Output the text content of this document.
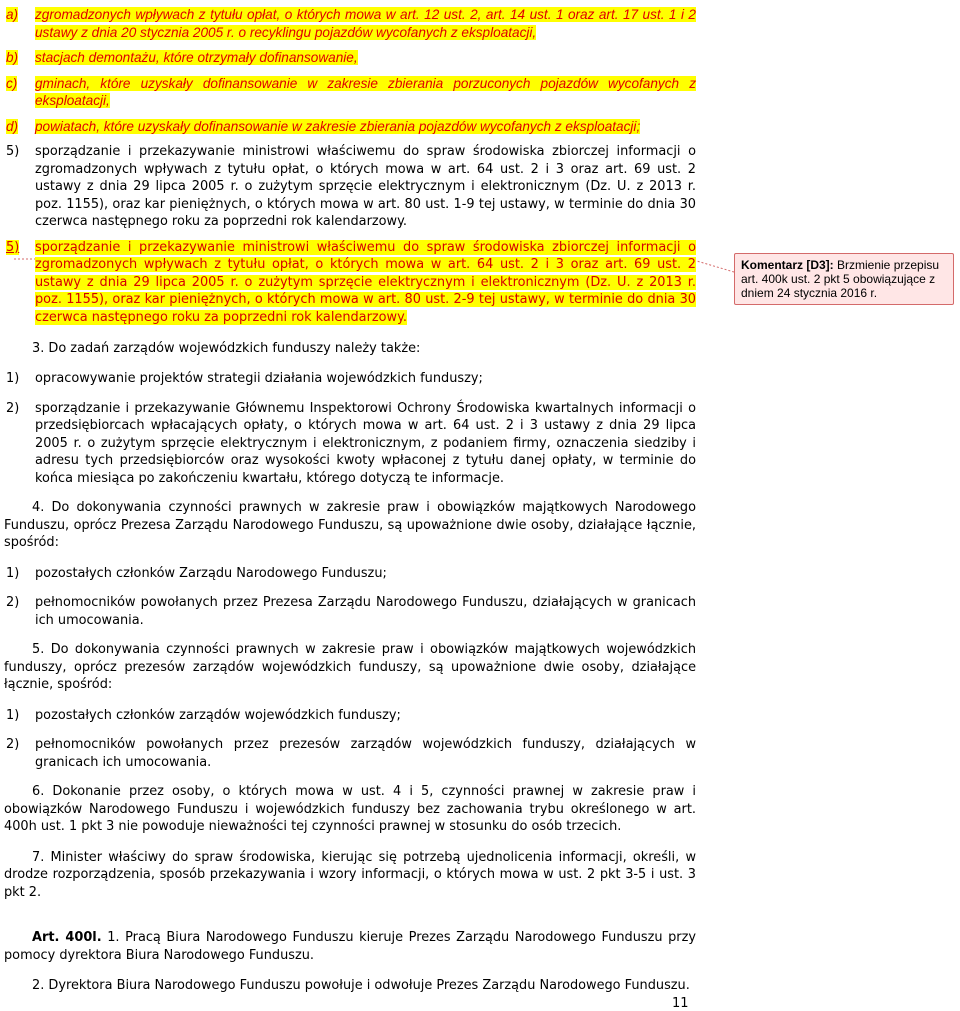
a)	zgromadzonych wpływach z tytułu opłat, o których mowa w art. 12 ust. 2, art. 14 ust. 1 oraz art. 17 ust. 1 i 2 ustawy z dnia 20 stycznia 2005 r. o recyklingu pojazdów wycofanych z eksploatacji,
b)	stacjach demontażu, które otrzymały dofinansowanie,
c)	gminach, które uzyskały dofinansowanie w zakresie zbierania porzuconych pojazdów wycofanych z eksploatacji,
d)	powiatach, które uzyskały dofinansowanie w zakresie zbierania pojazdów wycofanych z eksploatacji;
5)	sporządzanie i przekazywanie ministrowi właściwemu do spraw środowiska zbiorczej informacji o zgromadzonych wpływach z tytułu opłat, o których mowa w art. 64 ust. 2 i 3 oraz art. 69 ust. 2 ustawy z dnia 29 lipca 2005 r. o zużytym sprzęcie elektrycznym i elektronicznym (Dz. U. z 2013 r. poz. 1155), oraz kar pieniężnych, o których mowa w art. 80 ust. 1-9 tej ustawy, w terminie do dnia 30 czerwca następnego roku za poprzedni rok kalendarzowy.
5)	sporządzanie i przekazywanie ministrowi właściwemu do spraw środowiska zbiorczej informacji o zgromadzonych wpływach z tytułu opłat, o których mowa w art. 64 ust. 2 i 3 oraz art. 69 ust. 2 ustawy z dnia 29 lipca 2005 r. o zużytym sprzęcie elektrycznym i elektronicznym (Dz. U. z 2013 r. poz. 1155), oraz kar pieniężnych, o których mowa w art. 80 ust. 2-9 tej ustawy, w terminie do dnia 30 czerwca następnego roku za poprzedni rok kalendarzowy.

3. Do zadań zarządów wojewódzkich funduszy należy także:

1)	opracowywanie projektów strategii działania wojewódzkich funduszy;
2)	sporządzanie i przekazywanie Głównemu Inspektorowi Ochrony Środowiska kwartalnych informacji o przedsiębiorcach wpłacających opłaty, o których mowa w art. 64 ust. 2 i 3 ustawy z dnia 29 lipca 2005 r. o zużytym sprzęcie elektrycznym i elektronicznym, z podaniem firmy, oznaczenia siedziby i adresu tych przedsiębiorców oraz wysokości kwoty wpłaconej z tytułu danej opłaty, w terminie do końca miesiąca po zakończeniu kwartału, którego dotyczą te informacje.

4. Do dokonywania czynności prawnych w zakresie praw i obowiązków majątkowych Narodowego Funduszu, oprócz Prezesa Zarządu Narodowego Funduszu, są upoważnione dwie osoby, działające łącznie, spośród:

1)	pozostałych członków Zarządu Narodowego Funduszu;
2)	pełnomocników powołanych przez Prezesa Zarządu Narodowego Funduszu, działających w granicach ich umocowania.

5. Do dokonywania czynności prawnych w zakresie praw i obowiązków majątkowych wojewódzkich funduszy, oprócz prezesów zarządów wojewódzkich funduszy, są upoważnione dwie osoby, działające łącznie, spośród:

1)	pozostałych członków zarządów wojewódzkich funduszy;
2)	pełnomocników powołanych przez prezesów zarządów wojewódzkich funduszy, działających w granicach ich umocowania.

6. Dokonanie przez osoby, o których mowa w ust. 4 i 5, czynności prawnej w zakresie praw i obowiązków Narodowego Funduszu i wojewódzkich funduszy bez zachowania trybu określonego w art. 400h ust. 1 pkt 3 nie powoduje nieważności tej czynności prawnej w stosunku do osób trzecich.

7. Minister właściwy do spraw środowiska, kierując się potrzebą ujednolicenia informacji, określi, w drodze rozporządzenia, sposób przekazywania i wzory informacji, o których mowa w ust. 2 pkt 3-5 i ust. 3 pkt 2.

Art. 400l. 1. Pracą Biura Narodowego Funduszu kieruje Prezes Zarządu Narodowego Funduszu przy pomocy dyrektora Biura Narodowego Funduszu.

2. Dyrektora Biura Narodowego Funduszu powołuje i odwołuje Prezes Zarządu Narodowego Funduszu.

Komentarz [D3]: Brzmienie przepisu art. 400k ust. 2 pkt 5 obowiązujące z dniem 24 stycznia 2016 r.
11
